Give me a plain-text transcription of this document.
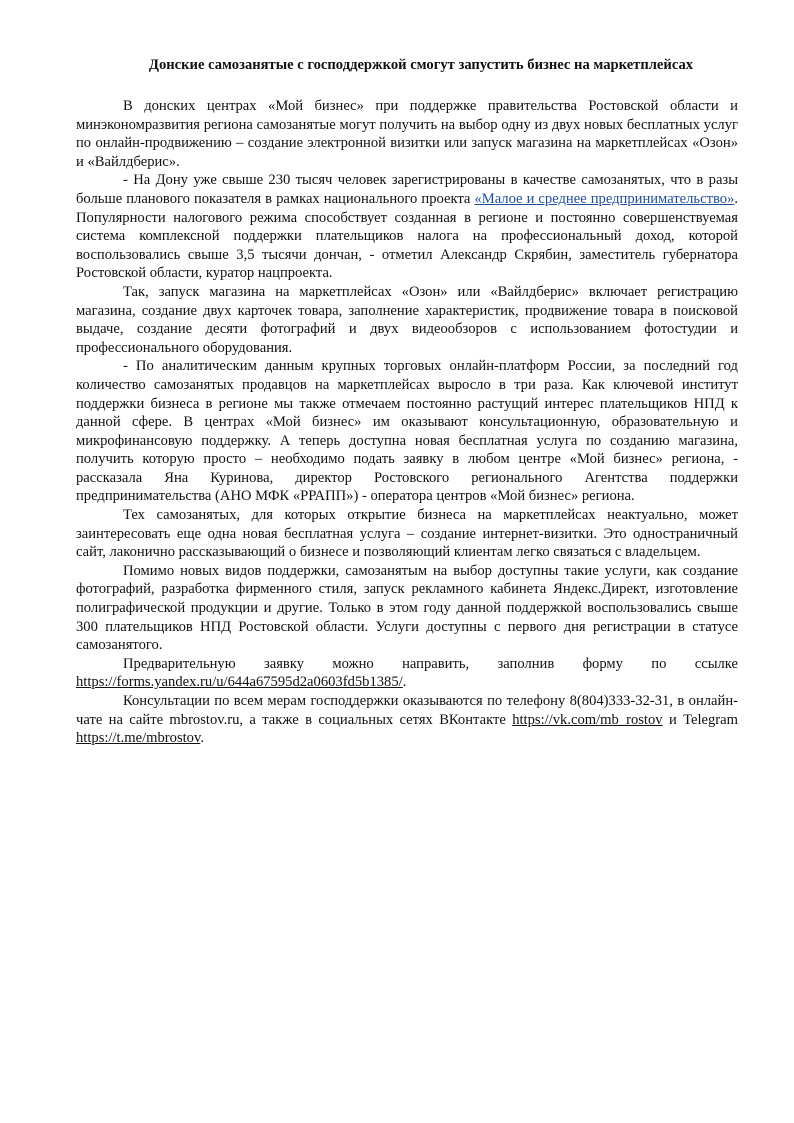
Донские самозанятые с господдержкой смогут запустить бизнес на маркетплейсах

В донских центрах «Мой бизнес» при поддержке правительства Ростовской области и минэкономразвития региона самозанятые могут получить на выбор одну из двух новых бесплатных услуг по онлайн-продвижению – создание электронной визитки или запуск магазина на маркетплейсах «Озон» и «Вайлдберис».

- На Дону уже свыше 230 тысяч человек зарегистрированы в качестве самозанятых, что в разы больше планового показателя в рамках национального проекта «Малое и среднее предпринимательство». Популярности налогового режима способствует созданная в регионе и постоянно совершенствуемая система комплексной поддержки плательщиков налога на профессиональный доход, которой воспользовались свыше 3,5 тысячи дончан, - отметил Александр Скрябин, заместитель губернатора Ростовской области, куратор нацпроекта.

Так, запуск магазина на маркетплейсах «Озон» или «Вайлдберис» включает регистрацию магазина, создание двух карточек товара, заполнение характеристик, продвижение товара в поисковой выдаче, создание десяти фотографий и двух видеообзоров с использованием фотостудии и профессионального оборудования.

- По аналитическим данным крупных торговых онлайн-платформ России, за последний год количество самозанятых продавцов на маркетплейсах выросло в три раза. Как ключевой институт поддержки бизнеса в регионе мы также отмечаем постоянно растущий интерес плательщиков НПД к данной сфере. В центрах «Мой бизнес» им оказывают консультационную, образовательную и микрофинансовую поддержку. А теперь доступна новая бесплатная услуга по созданию магазина, получить которую просто – необходимо подать заявку в любом центре «Мой бизнес» региона, - рассказала Яна Куринова, директор Ростовского регионального Агентства поддержки предпринимательства (АНО МФК «РРАПП») - оператора центров «Мой бизнес» региона.

Тех самозанятых, для которых открытие бизнеса на маркетплейсах неактуально, может заинтересовать еще одна новая бесплатная услуга – создание интернет-визитки. Это одностраничный сайт, лаконично рассказывающий о бизнесе и позволяющий клиентам легко связаться с владельцем.

Помимо новых видов поддержки, самозанятым на выбор доступны такие услуги, как создание фотографий, разработка фирменного стиля, запуск рекламного кабинета Яндекс.Директ, изготовление полиграфической продукции и другие. Только в этом году данной поддержкой воспользовались свыше 300 плательщиков НПД Ростовской области. Услуги доступны с первого дня регистрации в статусе самозанятого.

Предварительную заявку можно направить, заполнив форму по ссылке https://forms.yandex.ru/u/644a67595d2a0603fd5b1385/.

Консультации по всем мерам господдержки оказываются по телефону 8(804)333-32-31, в онлайн-чате на сайте mbrostov.ru, а также в социальных сетях ВКонтакте https://vk.com/mb_rostov и Telegram https://t.me/mbrostov.
